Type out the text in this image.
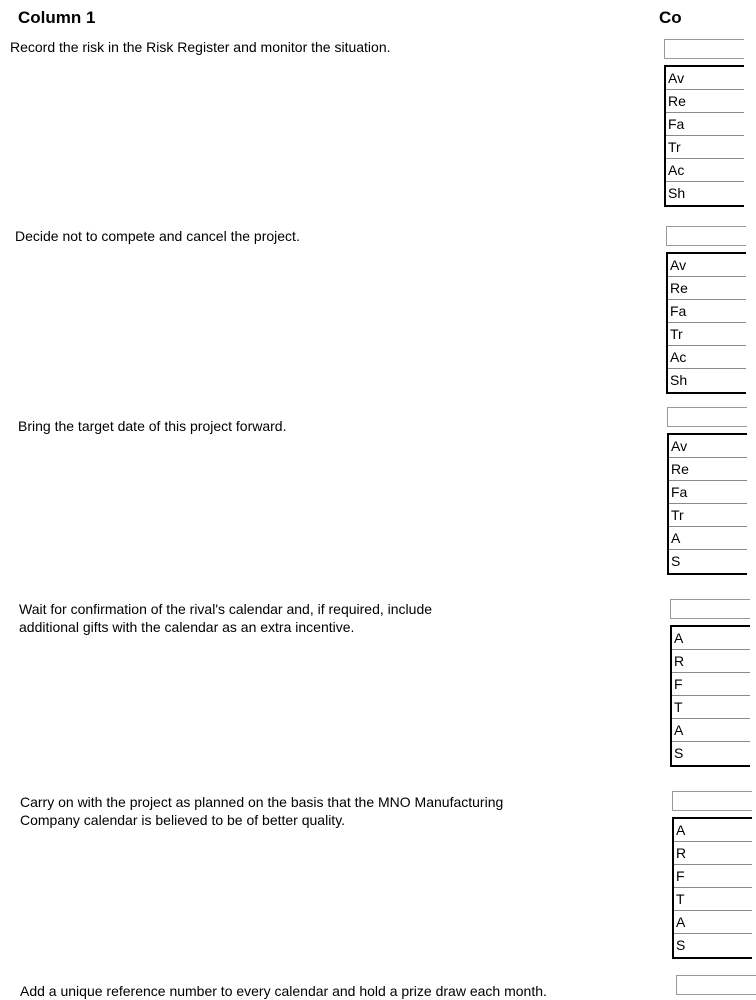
Column 1	Co
Record the risk in the Risk Register and monitor the situation.
Av
Re
Fa
Tr
Ac
Sh
Decide not to compete and cancel the project.
Av
Re
Fa
Tr
Ac
Sh
Bring the target date of this project forward.
Av
Re
Fa
Tr
A
S
Wait for confirmation of the rival's calendar and, if required, include
additional gifts with the calendar as an extra incentive.
A
R
F
T
A
S
Carry on with the project as planned on the basis that the MNO Manufacturing
Company calendar is believed to be of better quality.
A
R
F
T
A
S
Add a unique reference number to every calendar and hold a prize draw each month.
